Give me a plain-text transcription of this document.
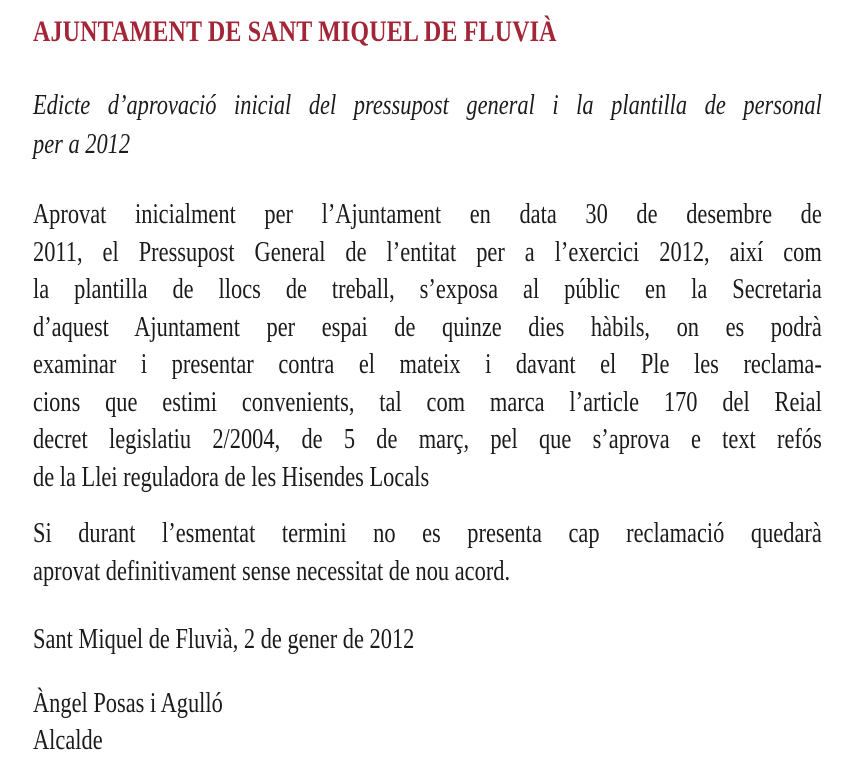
AJUNTAMENT DE SANT MIQUEL DE FLUVIÀ
Edicte d’aprovació inicial del pressupost general i la plantilla de personal
per a 2012
Aprovat inicialment per l’Ajuntament en data 30 de desembre de
2011, el Pressupost General de l’entitat per a l’exercici 2012, així com
la plantilla de llocs de treball, s’exposa al públic en la Secretaria
d’aquest Ajuntament per espai de quinze dies hàbils, on es podrà
examinar i presentar contra el mateix i davant el Ple les reclama-
cions que estimi convenients, tal com marca l’article 170 del Reial
decret legislatiu 2/2004, de 5 de març, pel que s’aprova e text refós
de la Llei reguladora de les Hisendes Locals
Si durant l’esmentat termini no es presenta cap reclamació quedarà
aprovat definitivament sense necessitat de nou acord.
Sant Miquel de Fluvià, 2 de gener de 2012
Àngel Posas i Agulló
Alcalde
